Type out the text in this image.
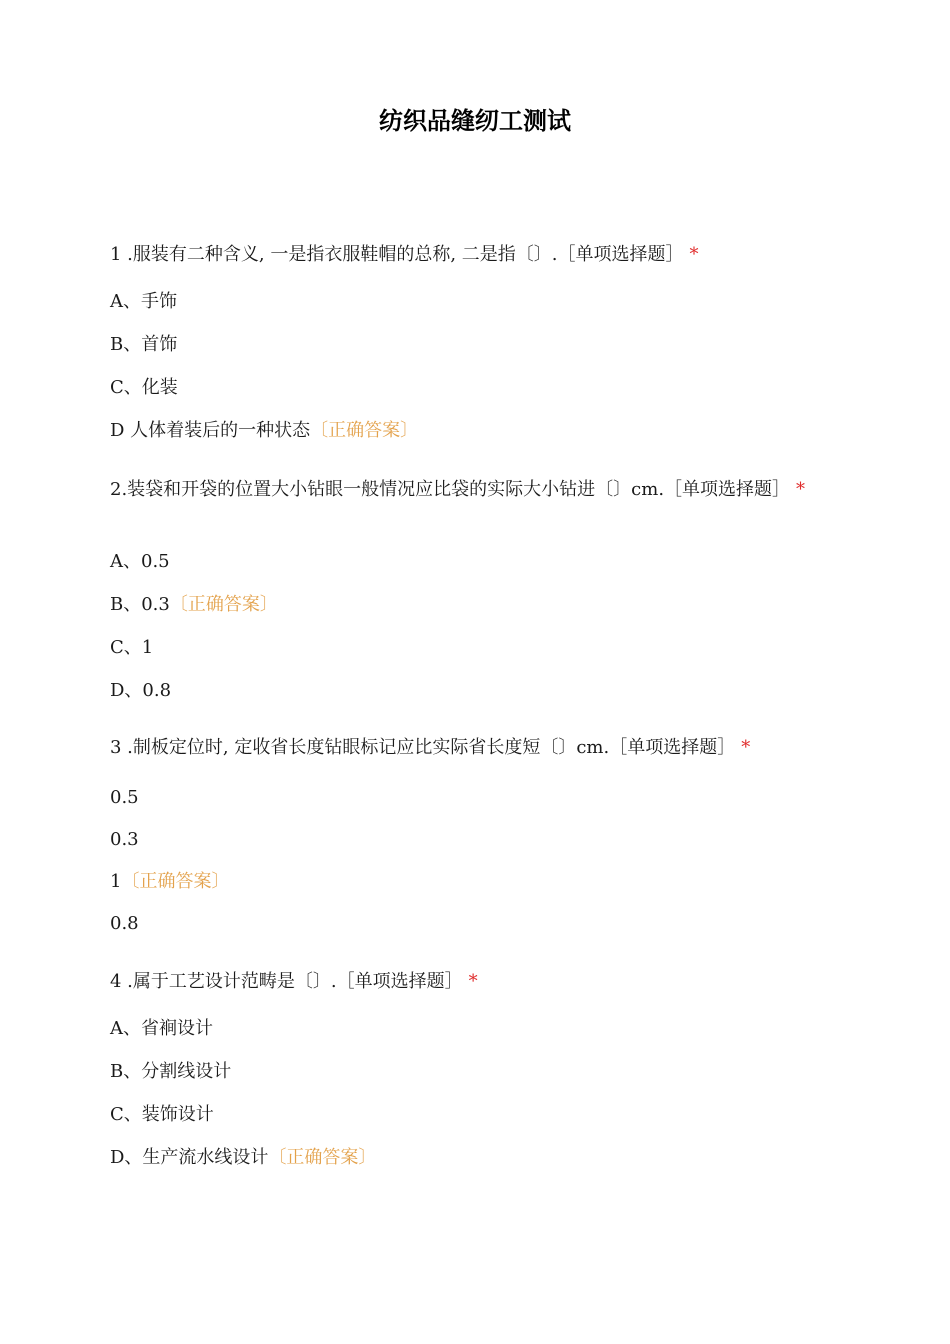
纺织品缝纫工测试
1 .服装有二种含义, 一是指衣服鞋帽的总称, 二是指〔〕.［单项选择题］ *
A、手饰
B、首饰
C、化装
D 人体着装后的一种状态〔正确答案〕
2.装袋和开袋的位置大小钻眼一般情况应比袋的实际大小钻进〔〕cm.［单项选择题］ *
A、0.5
B、0.3〔正确答案〕
C、1
D、0.8
3 .制板定位时, 定收省长度钻眼标记应比实际省长度短〔〕cm.［单项选择题］ *
0.5
0.3
1〔正确答案〕
0.8
4 .属于工艺设计范畴是〔〕.［单项选择题］ *
A、省裥设计
B、分割线设计
C、装饰设计
D、生产流水线设计〔正确答案〕
